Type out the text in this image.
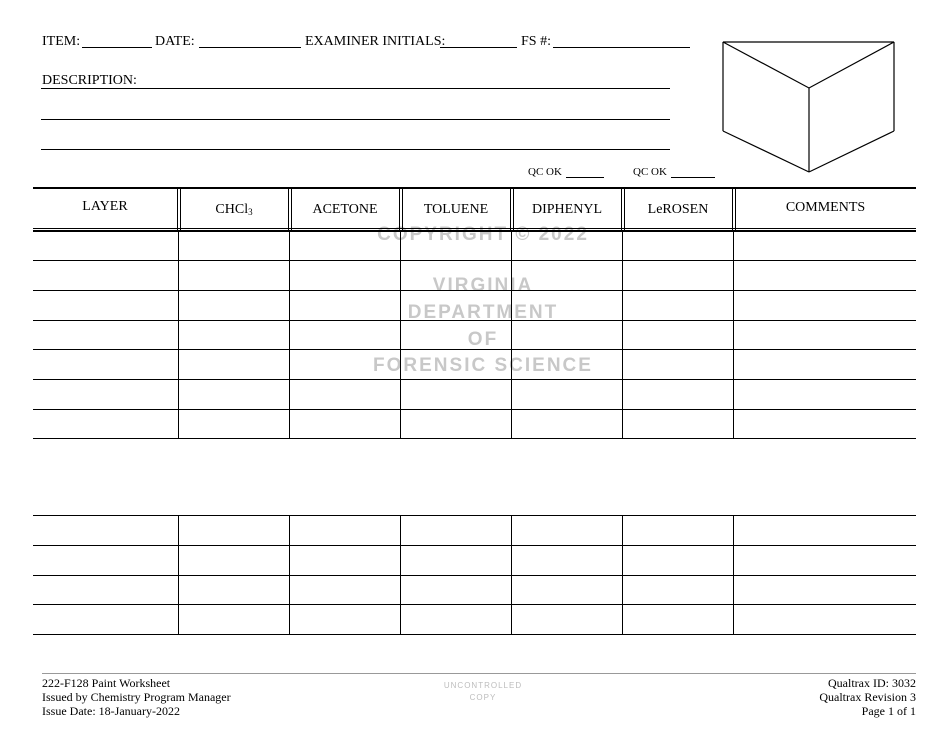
ITEM:	DATE:	EXAMINER INITIALS:	FS #:
DESCRIPTION:
QC OK	QC OK
COPYRIGHT © 2022
VIRGINIA
DEPARTMENT
OF
FORENSIC SCIENCE
LAYER	CHCl$_3$	ACETONE	TOLUENE	DIPHENYL	LeROSEN	COMMENTS
222-F128 Paint Worksheet
Issued by Chemistry Program Manager
Issue Date: 18-January-2022
UNCONTROLLED
COPY
Qualtrax ID: 3032
Qualtrax Revision 3
Page 1 of 1
